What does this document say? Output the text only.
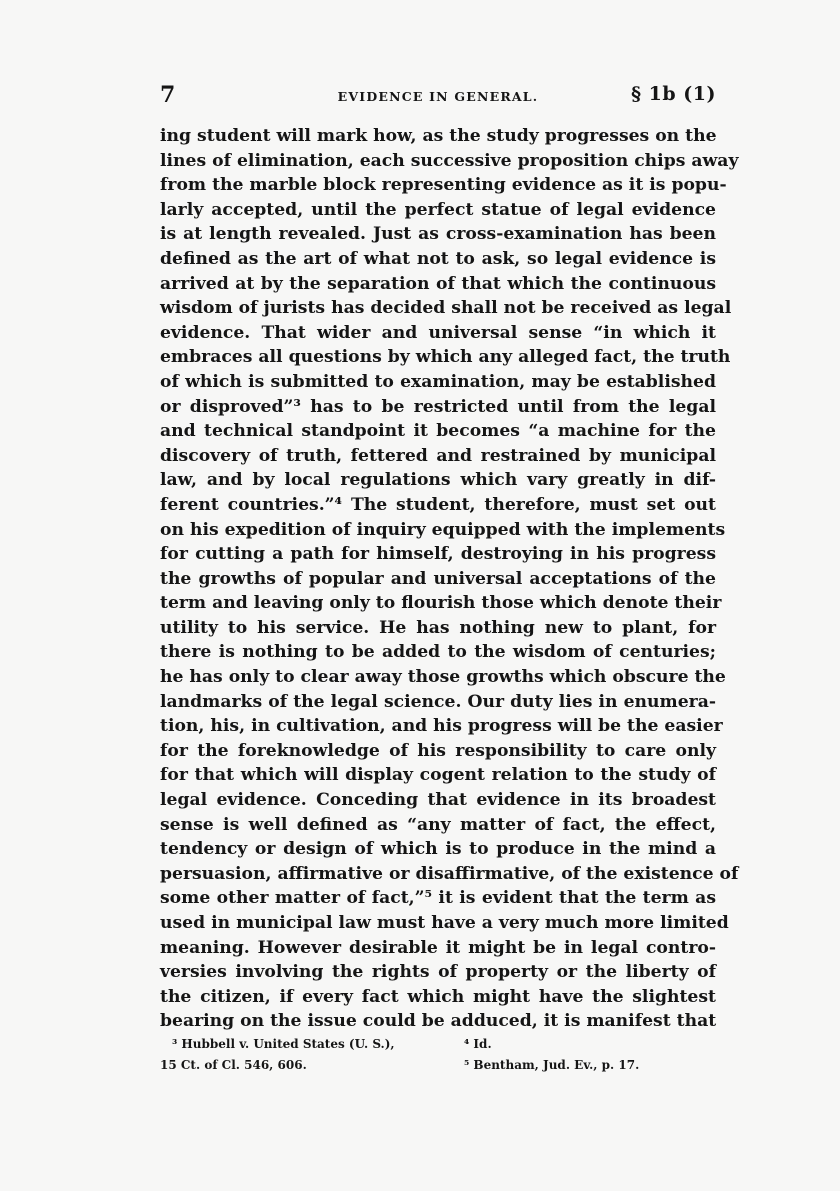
7	EVIDENCE IN GENERAL.	§ 1b (1)
ing student will mark how, as the study progresses on the
lines of elimination, each successive proposition chips away
from the marble block representing evidence as it is popu-
larly accepted, until the perfect statue of legal evidence
is at length revealed. Just as cross-examination has been
defined as the art of what not to ask, so legal evidence is
arrived at by the separation of that which the continuous
wisdom of jurists has decided shall not be received as legal
evidence. That wider and universal sense “in which it
embraces all questions by which any alleged fact, the truth
of which is submitted to examination, may be established
or disproved”³ has to be restricted until from the legal
and technical standpoint it becomes “a machine for the
discovery of truth, fettered and restrained by municipal
law, and by local regulations which vary greatly in dif-
ferent countries.”⁴ The student, therefore, must set out
on his expedition of inquiry equipped with the implements
for cutting a path for himself, destroying in his progress
the growths of popular and universal acceptations of the
term and leaving only to flourish those which denote their
utility to his service. He has nothing new to plant, for
there is nothing to be added to the wisdom of centuries;
he has only to clear away those growths which obscure the
landmarks of the legal science. Our duty lies in enumera-
tion, his, in cultivation, and his progress will be the easier
for the foreknowledge of his responsibility to care only
for that which will display cogent relation to the study of
legal evidence. Conceding that evidence in its broadest
sense is well defined as “any matter of fact, the effect,
tendency or design of which is to produce in the mind a
persuasion, affirmative or disaffirmative, of the existence of
some other matter of fact,”⁵ it is evident that the term as
used in municipal law must have a very much more limited
meaning. However desirable it might be in legal contro-
versies involving the rights of property or the liberty of
the citizen, if every fact which might have the slightest
bearing on the issue could be adduced, it is manifest that
³ Hubbell v. United States (U. S.),
15 Ct. of Cl. 546, 606.
⁴ Id.
⁵ Bentham, Jud. Ev., p. 17.
